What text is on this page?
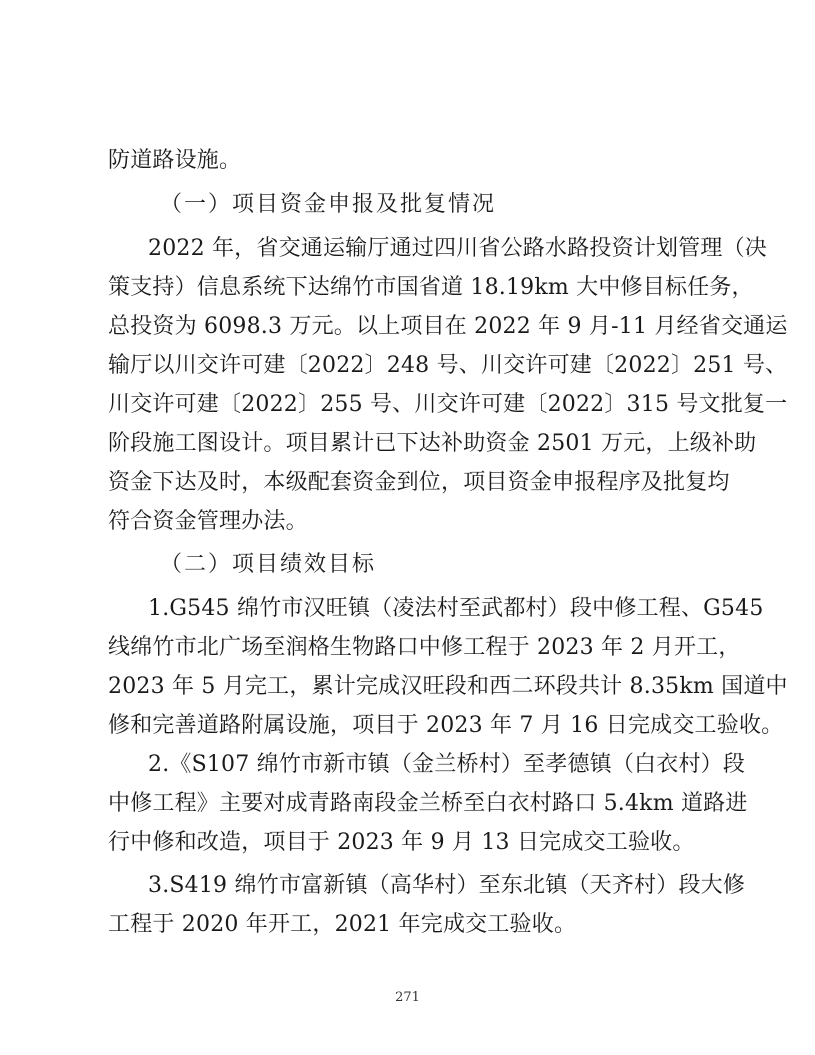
防道路设施。
（一）项目资金申报及批复情况
2022 年，省交通运输厅通过四川省公路水路投资计划管理（决
策支持）信息系统下达绵竹市国省道 18.19km 大中修目标任务，
总投资为 6098.3 万元。以上项目在 2022 年 9 月-11 月经省交通运
输厅以川交许可建〔2022〕248 号、川交许可建〔2022〕251 号、
川交许可建〔2022〕255 号、川交许可建〔2022〕315 号文批复一
阶段施工图设计。项目累计已下达补助资金 2501 万元，上级补助
资金下达及时，本级配套资金到位，项目资金申报程序及批复均
符合资金管理办法。
（二）项目绩效目标
1.G545 绵竹市汉旺镇（凌法村至武都村）段中修工程、G545
线绵竹市北广场至润格生物路口中修工程于 2023 年 2 月开工，
2023 年 5 月完工，累计完成汉旺段和西二环段共计 8.35km 国道中
修和完善道路附属设施，项目于 2023 年 7 月 16 日完成交工验收。
2.《S107 绵竹市新市镇（金兰桥村）至孝德镇（白衣村）段
中修工程》主要对成青路南段金兰桥至白衣村路口 5.4km 道路进
行中修和改造，项目于 2023 年 9 月 13 日完成交工验收。
3.S419 绵竹市富新镇（高华村）至东北镇（天齐村）段大修
工程于 2020 年开工，2021 年完成交工验收。
271
